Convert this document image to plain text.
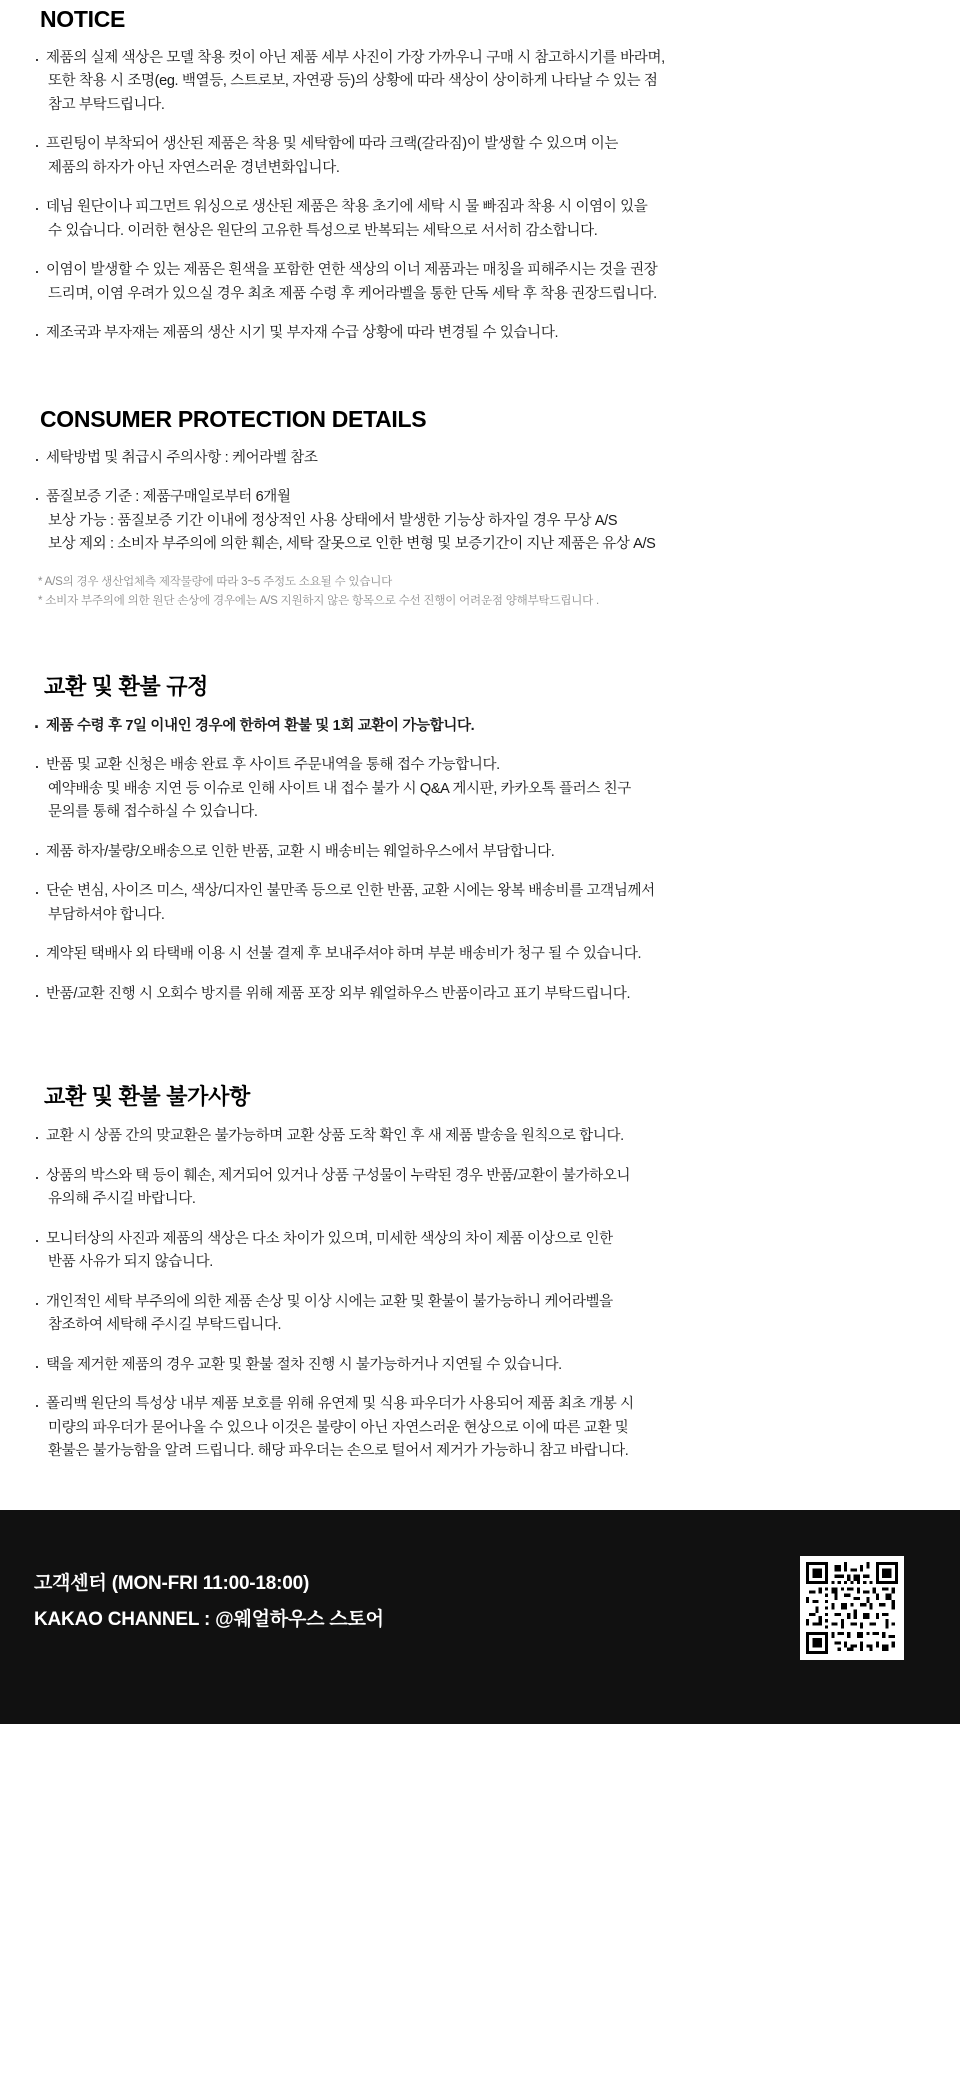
NOTICE
· 제품의 실제 색상은 모델 착용 컷이 아닌 제품 세부 사진이 가장 가까우니 구매 시 참고하시기를 바라며,
또한 착용 시 조명(eg. 백열등, 스트로보, 자연광 등)의 상황에 따라 색상이 상이하게 나타날 수 있는 점
참고 부탁드립니다.
· 프린팅이 부착되어 생산된 제품은 착용 및 세탁함에 따라 크랙(갈라짐)이 발생할 수 있으며 이는
제품의 하자가 아닌 자연스러운 경년변화입니다.
· 데님 원단이나 피그먼트 워싱으로 생산된 제품은 착용 초기에 세탁 시 물 빠짐과 착용 시 이염이 있을
수 있습니다. 이러한 현상은 원단의 고유한 특성으로 반복되는 세탁으로 서서히 감소합니다.
· 이염이 발생할 수 있는 제품은 흰색을 포함한 연한 색상의 이너 제품과는 매칭을 피해주시는 것을 권장
드리며, 이염 우려가 있으실 경우 최초 제품 수령 후 케어라벨을 통한 단독 세탁 후 착용 권장드립니다.
· 제조국과 부자재는 제품의 생산 시기 및 부자재 수급 상황에 따라 변경될 수 있습니다.
CONSUMER PROTECTION DETAILS
· 세탁방법 및 취급시 주의사항 : 케어라벨 참조
· 품질보증 기준 : 제품구매일로부터 6개월
보상 가능 : 품질보증 기간 이내에 정상적인 사용 상태에서 발생한 기능상 하자일 경우 무상 A/S
보상 제외 : 소비자 부주의에 의한 훼손, 세탁 잘못으로 인한 변형 및 보증기간이 지난 제품은 유상 A/S
* A/S의 경우 생산업체측 제작물량에 따라 3~5 주정도 소요될 수 있습니다
* 소비자 부주의에 의한 원단 손상에 경우에는 A/S 지원하지 않은 항목으로 수선 진행이 어려운점 양해부탁드립니다 .
교환 및 환불 규정
· 제품 수령 후 7일 이내인 경우에 한하여 환불 및 1회 교환이 가능합니다.
· 반품 및 교환 신청은 배송 완료 후 사이트 주문내역을 통해 접수 가능합니다.
예약배송 및 배송 지연 등 이슈로 인해 사이트 내 접수 불가 시 Q&A 게시판, 카카오톡 플러스 친구
문의를 통해 접수하실 수 있습니다.
· 제품 하자/불량/오배송으로 인한 반품, 교환 시 배송비는 웨얼하우스에서 부담합니다.
· 단순 변심, 사이즈 미스, 색상/디자인 불만족 등으로 인한 반품, 교환 시에는 왕복 배송비를 고객님께서
부담하셔야 합니다.
· 계약된 택배사 외 타택배 이용 시 선불 결제 후 보내주셔야 하며 부분 배송비가 청구 될 수 있습니다.
· 반품/교환 진행 시 오회수 방지를 위해 제품 포장 외부 웨얼하우스 반품이라고 표기 부탁드립니다.
교환 및 환불 불가사항
· 교환 시 상품 간의 맞교환은 불가능하며 교환 상품 도착 확인 후 새 제품 발송을 원칙으로 합니다.
· 상품의 박스와 택 등이 훼손, 제거되어 있거나 상품 구성물이 누락된 경우 반품/교환이 불가하오니
유의해 주시길 바랍니다.
· 모니터상의 사진과 제품의 색상은 다소 차이가 있으며, 미세한 색상의 차이 제품 이상으로 인한
반품 사유가 되지 않습니다.
· 개인적인 세탁 부주의에 의한 제품 손상 및 이상 시에는 교환 및 환불이 불가능하니 케어라벨을
참조하여 세탁해 주시길 부탁드립니다.
· 택을 제거한 제품의 경우 교환 및 환불 절차 진행 시 불가능하거나 지연될 수 있습니다.
· 폴리백 원단의 특성상 내부 제품 보호를 위해 유연제 및 식용 파우더가 사용되어 제품 최초 개봉 시
미량의 파우더가 묻어나올 수 있으나 이것은 불량이 아닌 자연스러운 현상으로 이에 따른 교환 및
환불은 불가능함을 알려 드립니다. 해당 파우더는 손으로 털어서 제거가 가능하니 참고 바랍니다.
고객센터 (MON-FRI 11:00-18:00)
KAKAO CHANNEL : @웨얼하우스 스토어
